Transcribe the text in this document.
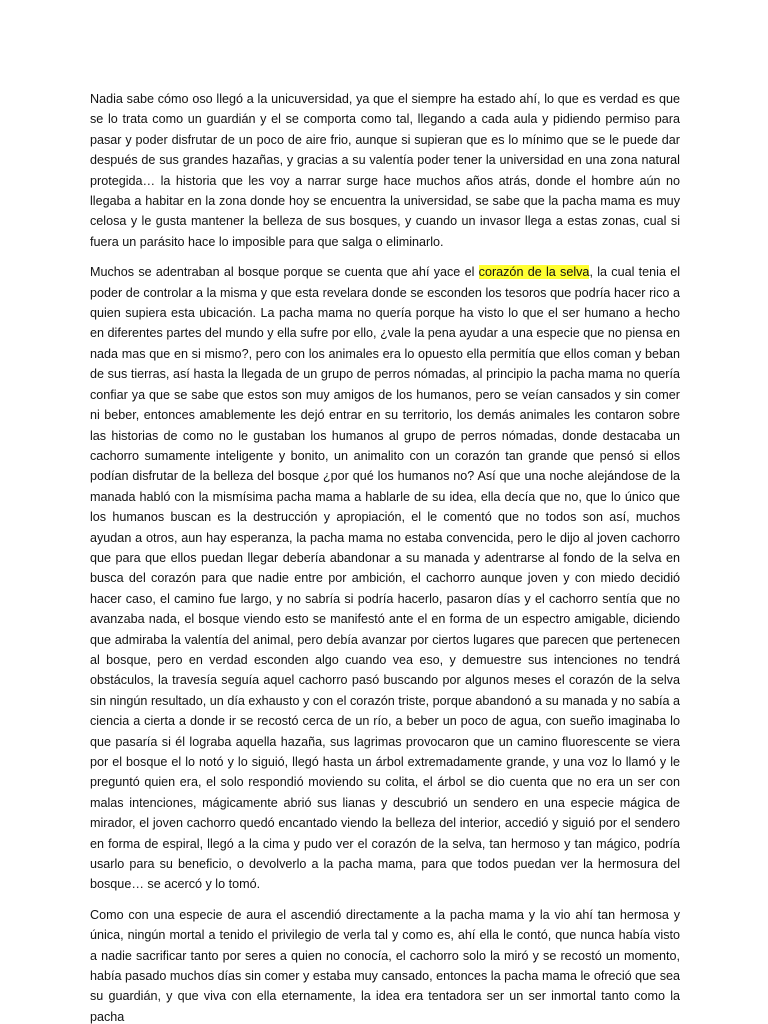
Nadia sabe cómo oso llegó a la unicuversidad, ya que el siempre ha estado ahí, lo que es verdad es que se lo trata como un guardián y el se comporta como tal, llegando a cada aula y pidiendo permiso para pasar y poder disfrutar de un poco de aire frio, aunque si supieran que es lo mínimo que se le puede dar después de sus grandes hazañas, y gracias a su valentía poder tener la universidad en una zona natural protegida… la historia que les voy a narrar surge hace muchos años atrás, donde el hombre aún no llegaba a habitar en la zona donde hoy se encuentra la universidad, se sabe que la pacha mama es muy celosa y le gusta mantener la belleza de sus bosques, y cuando un invasor llega a estas zonas, cual si fuera un parásito hace lo imposible para que salga o eliminarlo.

Muchos se adentraban al bosque porque se cuenta que ahí yace el corazón de la selva, la cual tenia el poder de controlar a la misma y que esta revelara donde se esconden los tesoros que podría hacer rico a quien supiera esta ubicación. La pacha mama no quería porque ha visto lo que el ser humano a hecho en diferentes partes del mundo y ella sufre por ello, ¿vale la pena ayudar a una especie que no piensa en nada mas que en si mismo?, pero con los animales era lo opuesto ella permitía que ellos coman y beban de sus tierras, así hasta la llegada de un grupo de perros nómadas, al principio la pacha mama no quería confiar ya que se sabe que estos son muy amigos de los humanos, pero se veían cansados y sin comer ni beber, entonces amablemente les dejó entrar en su territorio, los demás animales les contaron sobre las historias de como no le gustaban los humanos al grupo de perros nómadas, donde destacaba un cachorro sumamente inteligente y bonito, un animalito con un corazón tan grande que pensó si ellos podían disfrutar de la belleza del bosque ¿por qué los humanos no? Así que una noche alejándose de la manada habló con la mismísima pacha mama a hablarle de su idea, ella decía que no, que lo único que los humanos buscan es la destrucción y apropiación, el le comentó que no todos son así, muchos ayudan a otros, aun hay esperanza, la pacha mama no estaba convencida, pero le dijo al joven cachorro que para que ellos puedan llegar debería abandonar a su manada y adentrarse al fondo de la selva en busca del corazón para que nadie entre por ambición, el cachorro aunque joven y con miedo decidió hacer caso, el camino fue largo, y no sabría si podría hacerlo, pasaron días y el cachorro sentía que no avanzaba nada, el bosque viendo esto se manifestó ante el en forma de un espectro amigable, diciendo que admiraba la valentía del animal, pero debía avanzar por ciertos lugares que parecen que pertenecen al bosque, pero en verdad esconden algo cuando vea eso, y demuestre sus intenciones no tendrá obstáculos, la travesía seguía aquel cachorro pasó buscando por algunos meses el corazón de la selva sin ningún resultado, un día exhausto y con el corazón triste, porque abandonó a su manada y no sabía a ciencia a cierta a donde ir se recostó cerca de un río, a beber un poco de agua, con sueño imaginaba lo que pasaría si él lograba aquella hazaña, sus lagrimas provocaron que un camino fluorescente se viera por el bosque el lo notó y lo siguió, llegó hasta un árbol extremadamente grande, y una voz lo llamó y le preguntó quien era, el solo respondió moviendo su colita, el árbol se dio cuenta que no era un ser con malas intenciones, mágicamente abrió sus lianas y descubrió un sendero en una especie mágica de mirador, el joven cachorro quedó encantado viendo la belleza del interior, accedió y siguió por el sendero en forma de espiral, llegó a la cima y pudo ver el corazón de la selva, tan hermoso y tan mágico, podría usarlo para su beneficio, o devolverlo a la pacha mama, para que todos puedan ver la hermosura del bosque… se acercó y lo tomó.

Como con una especie de aura el ascendió directamente a la pacha mama y la vio ahí tan hermosa y única, ningún mortal a tenido el privilegio de verla tal y como es, ahí ella le contó, que nunca había visto a nadie sacrificar tanto por seres a quien no conocía, el cachorro solo la miró y se recostó un momento, había pasado muchos días sin comer y estaba muy cansado, entonces la pacha mama le ofreció que sea su guardián, y que viva con ella eternamente, la idea era tentadora ser un ser inmortal tanto como la pacha
